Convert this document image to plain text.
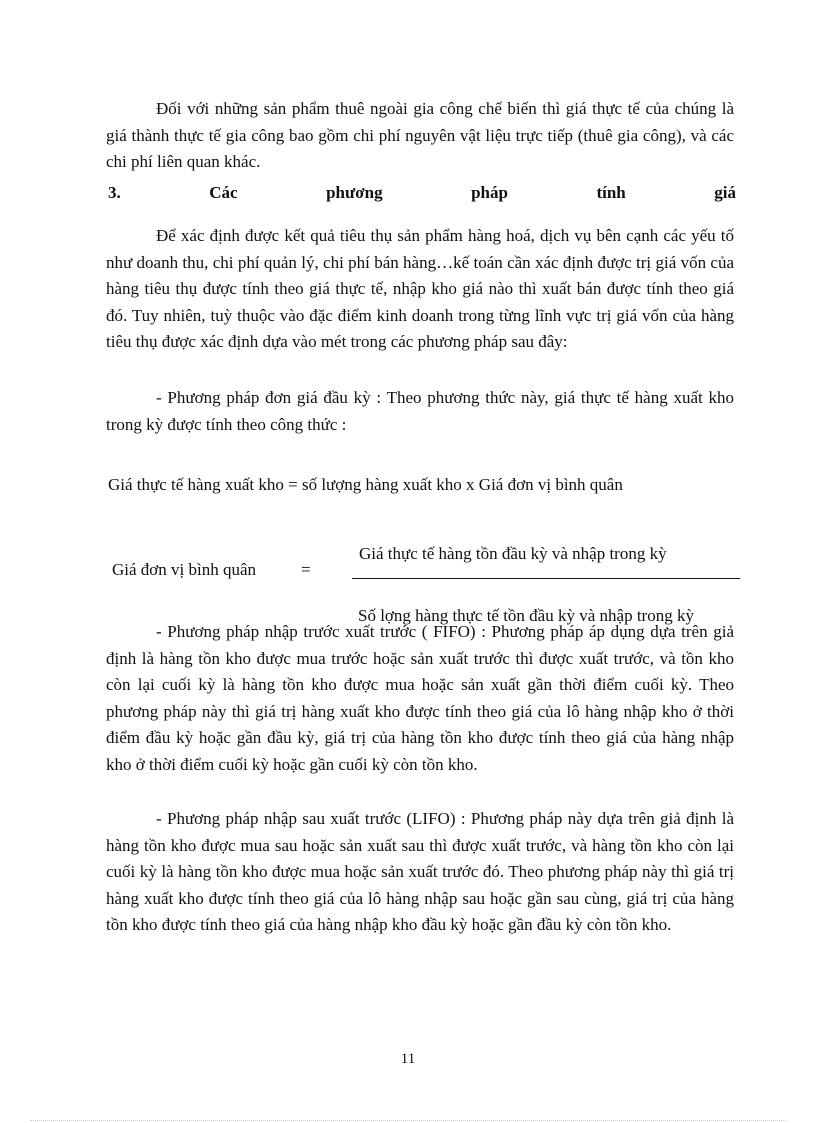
Đối với những sản phẩm thuê ngoài gia công chế biến thì giá thực tế của chúng là giá thành thực tế gia công bao gồm chi phí nguyên vật liệu trực tiếp (thuê gia công), và các chi phí liên quan khác.

3. Các phương pháp tính giá

Để xác định được kết quả tiêu thụ sản phẩm hàng hoá, dịch vụ bên cạnh các yếu tố như doanh thu, chi phí quản lý, chi phí bán hàng…kế toán cần xác định được trị giá vốn của hàng tiêu thụ được tính theo giá thực tế, nhập kho giá nào thì xuất bán được tính theo giá đó. Tuy nhiên, tuỳ thuộc vào đặc điểm kinh doanh trong từng lĩnh vực trị giá vốn của hàng tiêu thụ được xác định dựa vào mét trong các phương pháp sau đây:

- Phương pháp đơn giá đầu kỳ : Theo phương thức này, giá thực tế hàng xuất kho trong kỳ được tính theo công thức :

Giá thực tế hàng xuất kho = số lượng hàng xuất kho x Giá đơn vị bình quân

Giá đơn vị bình quân	=
Giá thực tế hàng tồn đầu kỳ và nhập trong kỳ
Số lợng hàng thực tế tồn đầu kỳ và nhập trong kỳ

- Phương pháp nhập trước xuất trước ( FIFO) : Phương pháp áp dụng dựa trên giả định là hàng tồn kho được mua trước hoặc sản xuất trước thì được xuất trước, và tồn kho còn lại cuối kỳ là hàng tồn kho được mua hoặc sản xuất gần thời điểm cuối kỳ. Theo phương pháp này thì giá trị hàng xuất kho được tính theo giá của lô hàng nhập kho ở thời điểm đầu kỳ hoặc gần đầu kỳ, giá trị của hàng tồn kho được tính theo giá của hàng nhập kho ở thời điểm cuối kỳ hoặc gần cuối kỳ còn tồn kho.

- Phương pháp nhập sau xuất trước (LIFO) : Phương pháp này dựa trên giả định là hàng tồn kho được mua sau hoặc sản xuất sau thì được xuất trước, và hàng tồn kho còn lại cuối kỳ là hàng tồn kho được mua hoặc sản xuất trước đó. Theo phương pháp này thì giá trị hàng xuất kho được tính theo giá của lô hàng nhập sau hoặc gần sau cùng, giá trị của hàng tồn kho được tính theo giá của hàng nhập kho đầu kỳ hoặc gần đầu kỳ còn tồn kho.

11
